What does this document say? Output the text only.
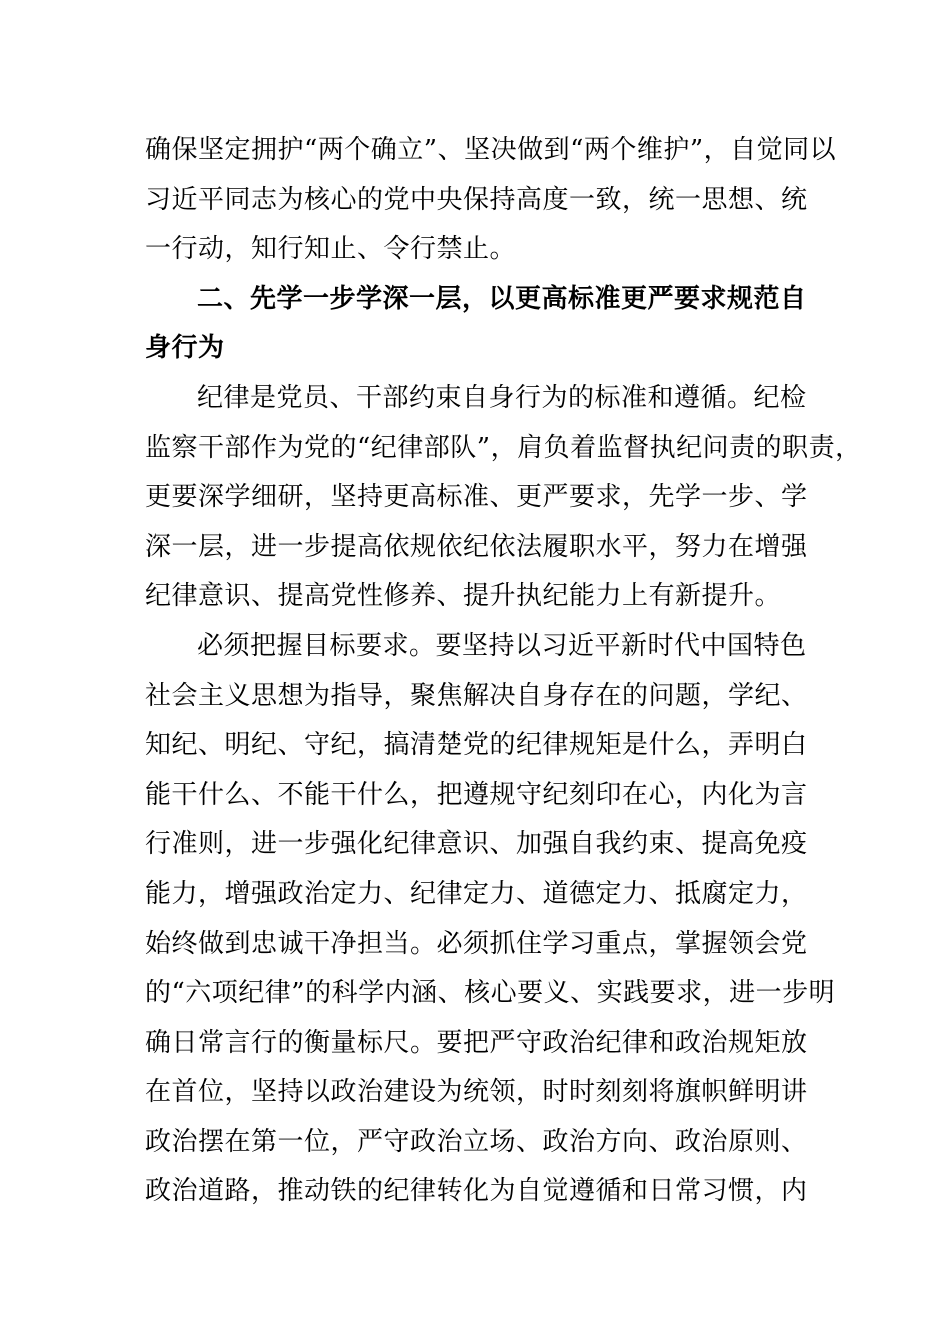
确保坚定拥护“两个确立”、坚决做到“两个维护”，自觉同以
习近平同志为核心的党中央保持高度一致，统一思想、统
一行动，知行知止、令行禁止。
二、先学一步学深一层，以更高标准更严要求规范自
身行为
纪律是党员、干部约束自身行为的标准和遵循。纪检
监察干部作为党的“纪律部队”，肩负着监督执纪问责的职责，
更要深学细研，坚持更高标准、更严要求，先学一步、学
深一层，进一步提高依规依纪依法履职水平，努力在增强
纪律意识、提高党性修养、提升执纪能力上有新提升。
必须把握目标要求。要坚持以习近平新时代中国特色
社会主义思想为指导，聚焦解决自身存在的问题，学纪、
知纪、明纪、守纪，搞清楚党的纪律规矩是什么，弄明白
能干什么、不能干什么，把遵规守纪刻印在心，内化为言
行准则，进一步强化纪律意识、加强自我约束、提高免疫
能力，增强政治定力、纪律定力、道德定力、抵腐定力，
始终做到忠诚干净担当。必须抓住学习重点，掌握领会党
的“六项纪律”的科学内涵、核心要义、实践要求，进一步明
确日常言行的衡量标尺。要把严守政治纪律和政治规矩放
在首位，坚持以政治建设为统领，时时刻刻将旗帜鲜明讲
政治摆在第一位，严守政治立场、政治方向、政治原则、
政治道路，推动铁的纪律转化为自觉遵循和日常习惯，内
